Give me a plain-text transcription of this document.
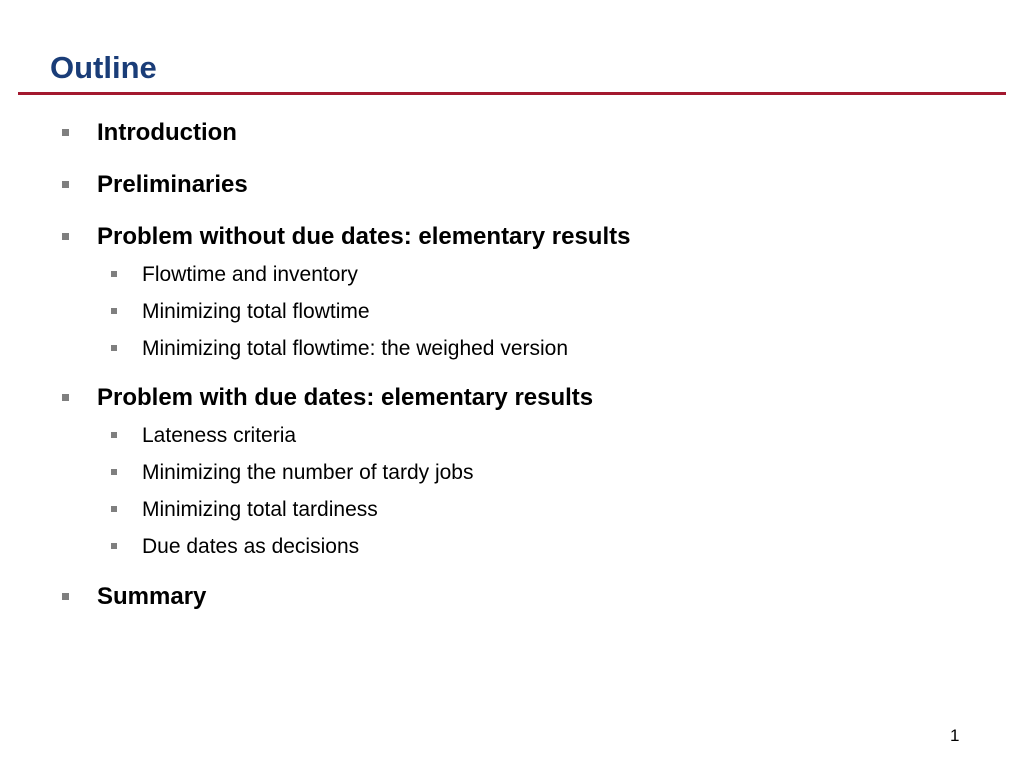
Outline
Introduction
Preliminaries
Problem without due dates: elementary results
Flowtime and inventory
Minimizing total flowtime
Minimizing total flowtime: the weighed version
Problem with due dates: elementary results
Lateness criteria
Minimizing the number of tardy jobs
Minimizing total tardiness
Due dates as decisions
Summary
1
